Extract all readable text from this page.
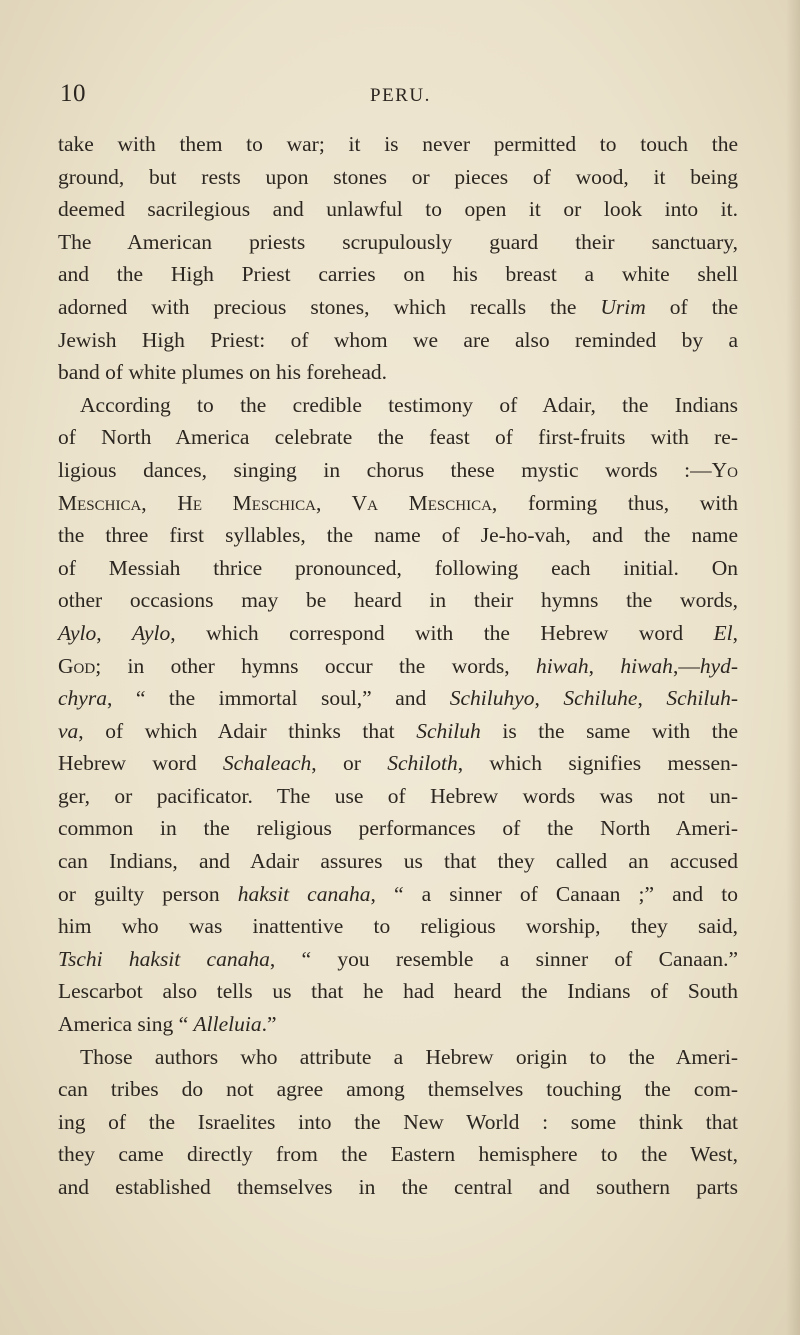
10	PERU.
take with them to war; it is never permitted to touch the
ground, but rests upon stones or pieces of wood, it being
deemed sacrilegious and unlawful to open it or look into it.
The American priests scrupulously guard their sanctuary,
and the High Priest carries on his breast a white shell
adorned with precious stones, which recalls the Urim of the
Jewish High Priest: of whom we are also reminded by a
band of white plumes on his forehead.
According to the credible testimony of Adair, the Indians
of North America celebrate the feast of first-fruits with re-
ligious dances, singing in chorus these mystic words :—Yo
Meschica, He Meschica, Va Meschica, forming thus, with
the three first syllables, the name of Je-ho-vah, and the name
of Messiah thrice pronounced, following each initial. On
other occasions may be heard in their hymns the words,
Aylo, Aylo, which correspond with the Hebrew word El,
God; in other hymns occur the words, hiwah, hiwah,—hyd-
chyra, “ the immortal soul,” and Schiluhyo, Schiluhe, Schiluh-
va, of which Adair thinks that Schiluh is the same with the
Hebrew word Schaleach, or Schiloth, which signifies messen-
ger, or pacificator. The use of Hebrew words was not un-
common in the religious performances of the North Ameri-
can Indians, and Adair assures us that they called an accused
or guilty person haksit canaha, “ a sinner of Canaan ;” and to
him who was inattentive to religious worship, they said,
Tschi haksit canaha, “ you resemble a sinner of Canaan.”
Lescarbot also tells us that he had heard the Indians of South
America sing “ Alleluia.”
Those authors who attribute a Hebrew origin to the Ameri-
can tribes do not agree among themselves touching the com-
ing of the Israelites into the New World : some think that
they came directly from the Eastern hemisphere to the West,
and established themselves in the central and southern parts
